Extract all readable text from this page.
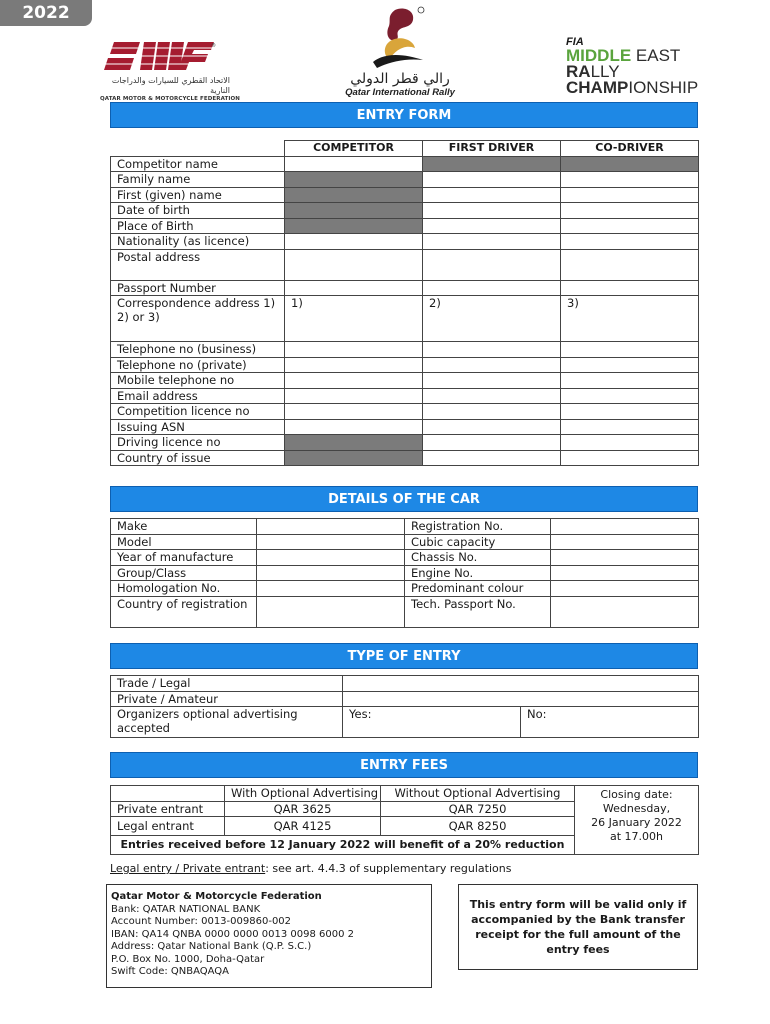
2022
®
الاتحاد القطري للسيارات والدراجات النارية
QATAR MOTOR & MOTORCYCLE FEDERATION
رالي قطر الدولي
Qatar International Rally
FIA
MIDDLE EAST
RALLY
CHAMPIONSHIP
ENTRY FORM
	COMPETITOR	FIRST DRIVER	CO-DRIVER
Competitor name			
Family name			
First (given) name			
Date of birth			
Place of Birth			
Nationality (as licence)			
Postal address			
Passport Number			
Correspondence address 1) 2) or 3)	1)	2)	3)
Telephone no (business)			
Telephone no (private)			
Mobile telephone no			
Email address			
Competition licence no			
Issuing ASN			
Driving licence no			
Country of issue			
DETAILS OF THE CAR
Make		Registration No.	
Model		Cubic capacity	
Year of manufacture		Chassis No.	
Group/Class		Engine No.	
Homologation No.		Predominant colour	
Country of registration		Tech. Passport No.	
TYPE OF ENTRY
Trade / Legal		
Private / Amateur		
Organizers optional advertising accepted	Yes:	No:
ENTRY FEES
	With Optional Advertising	Without Optional Advertising	Closing date:
Wednesday,
26 January 2022
at 17.00h

Private entrant	QAR 3625	QAR 7250	
Legal entrant	QAR 4125	QAR 8250	
Entries received before 12 January 2022 will benefit of a 20% reduction			
Legal entry / Private entrant: see art. 4.4.3 of supplementary regulations
Qatar Motor & Motorcycle Federation
Bank: QATAR NATIONAL BANK
Account Number: 0013-009860-002
IBAN: QA14 QNBA 0000 0000 0013 0098 6000 2
Address: Qatar National Bank (Q.P. S.C.)
P.O. Box No. 1000, Doha-Qatar
Swift Code: QNBAQAQA
This entry form will be valid only if accompanied by the Bank transfer receipt for the full amount of the entry fees
